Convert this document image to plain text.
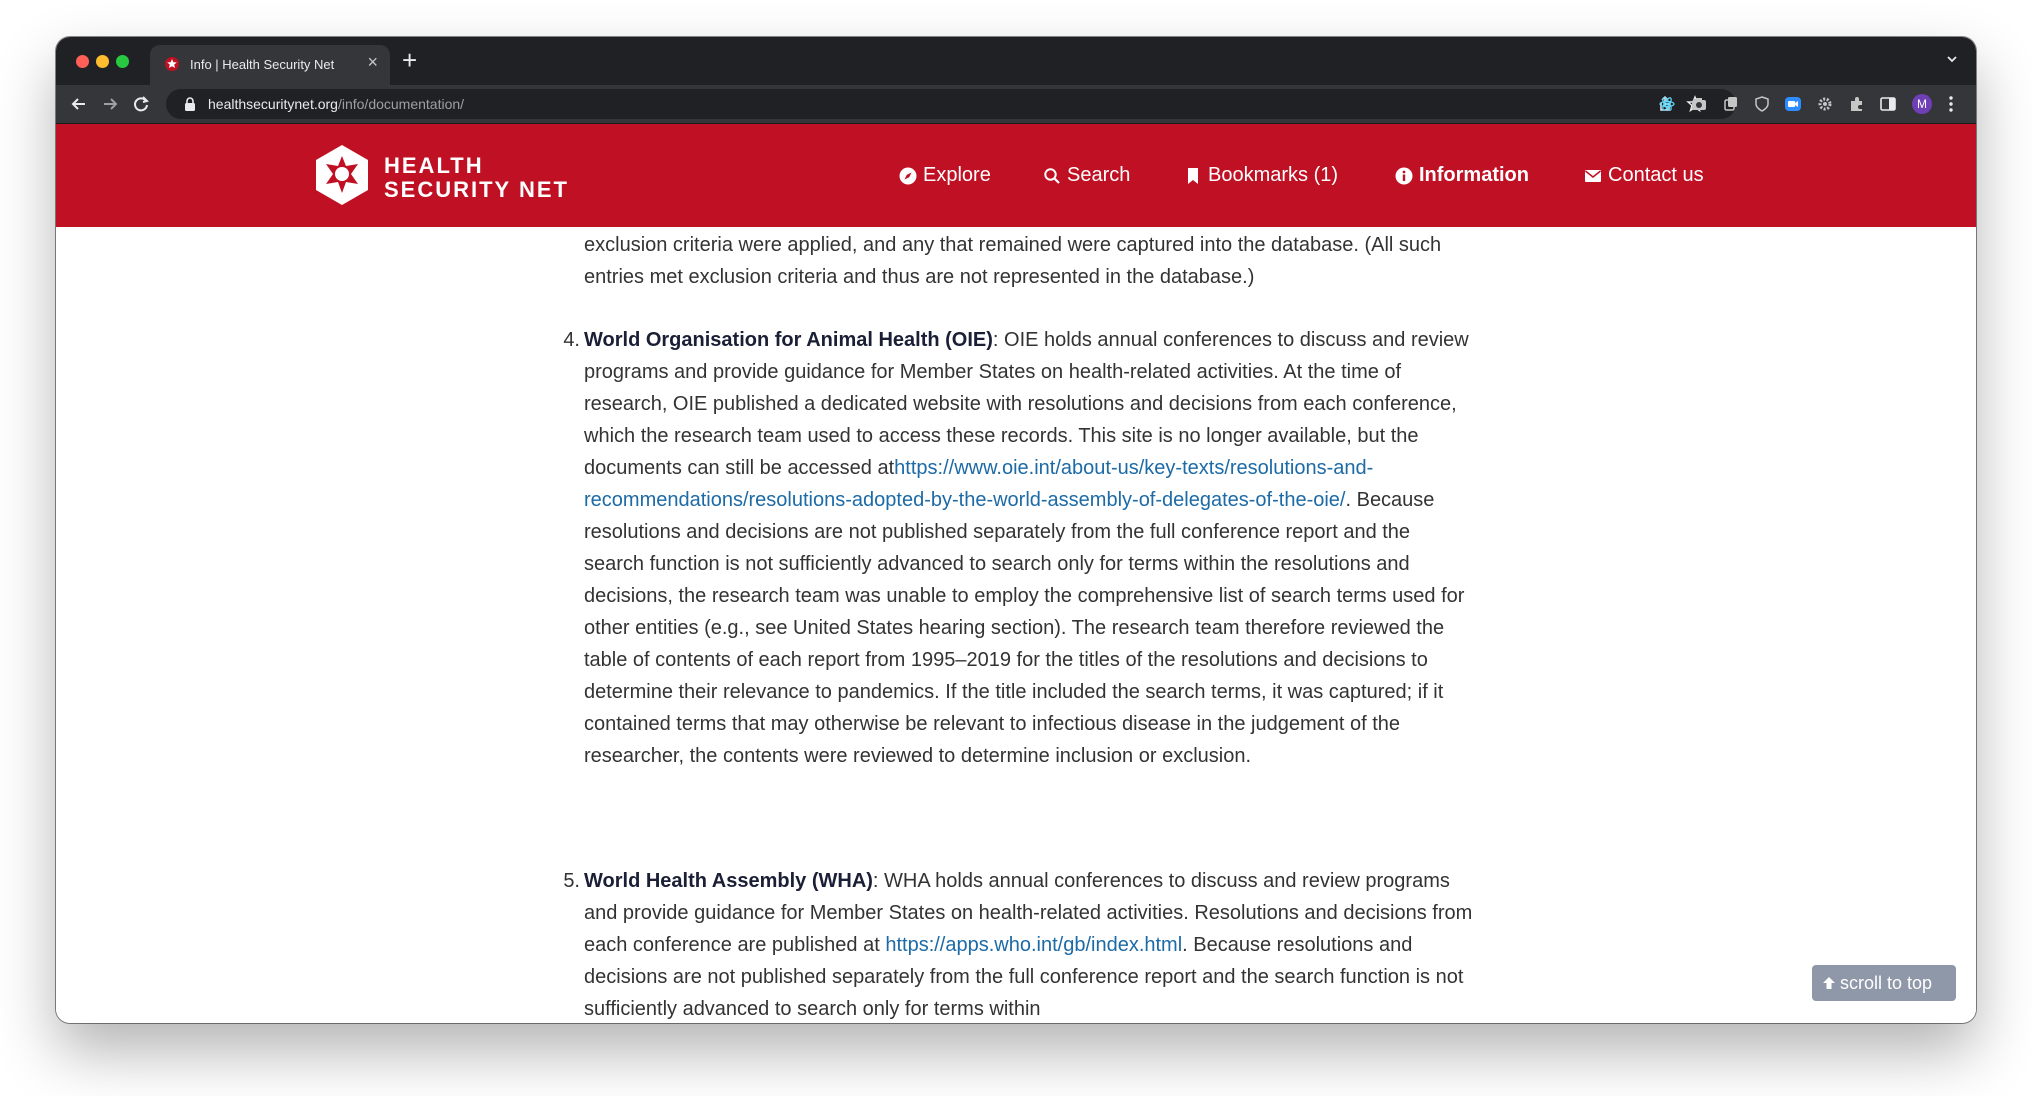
Info | Health Security Net × +
healthsecuritynet.org/info/documentation/	M
HEALTH
SECURITY NET
Explore	Search	Bookmarks (1)	Information	Contact us
exclusion criteria were applied, and any that remained were captured into the database. (All such entries met exclusion criteria and thus are not represented in the database.)
4. World Organisation for Animal Health (OIE): OIE holds annual conferences to discuss and review programs and provide guidance for Member States on health-related activities. At the time of research, OIE published a dedicated website with resolutions and decisions from each conference, which the research team used to access these records. This site is no longer available, but the documents can still be accessed athttps://www.oie.int/about-us/key-texts/resolutions-and-recommendations/resolutions-adopted-by-the-world-assembly-of-delegates-of-the-oie/. Because resolutions and decisions are not published separately from the full conference report and the search function is not sufficiently advanced to search only for terms within the resolutions and decisions, the research team was unable to employ the comprehensive list of search terms used for other entities (e.g., see United States hearing section). The research team therefore reviewed the table of contents of each report from 1995–2019 for the titles of the resolutions and decisions to determine their relevance to pandemics. If the title included the search terms, it was captured; if it contained terms that may otherwise be relevant to infectious disease in the judgement of the researcher, the contents were reviewed to determine inclusion or exclusion.
5. World Health Assembly (WHA): WHA holds annual conferences to discuss and review programs and provide guidance for Member States on health-related activities. Resolutions and decisions from each conference are published at https://apps.who.int/gb/index.html. Because resolutions and decisions are not published separately from the full conference report and the search function is not sufficiently advanced to search only for terms within
scroll to top
